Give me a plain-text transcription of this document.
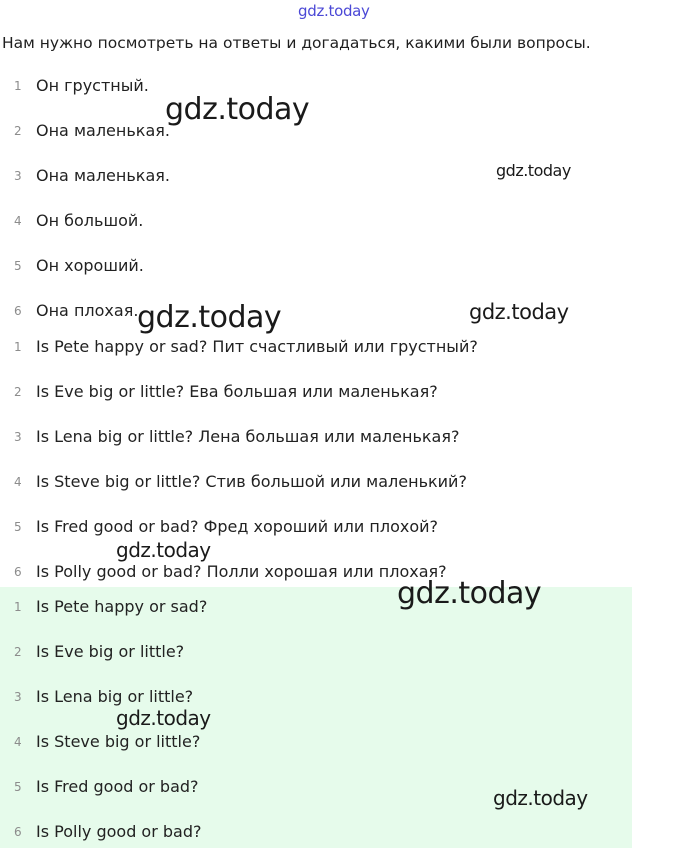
gdz.today
Нам нужно посмотреть на ответы и догадаться, какими были вопросы.
1 Он грустный.
2 Она маленькая.
3 Она маленькая.
4 Он большой.
5 Он хороший.
6 Она плохая.
1 Is Pete happy or sad? Пит счастливый или грустный?
2 Is Eve big or little? Ева большая или маленькая?
3 Is Lena big or little? Лена большая или маленькая?
4 Is Steve big or little? Стив большой или маленький?
5 Is Fred good or bad? Фред хороший или плохой?
6 Is Polly good or bad? Полли хорошая или плохая?
1 Is Pete happy or sad?
2 Is Eve big or little?
3 Is Lena big or little?
4 Is Steve big or little?
5 Is Fred good or bad?
6 Is Polly good or bad?
gdz.today
gdz.today
gdz.today	gdz.today
gdz.today
gdz.today
gdz.today
gdz.today
